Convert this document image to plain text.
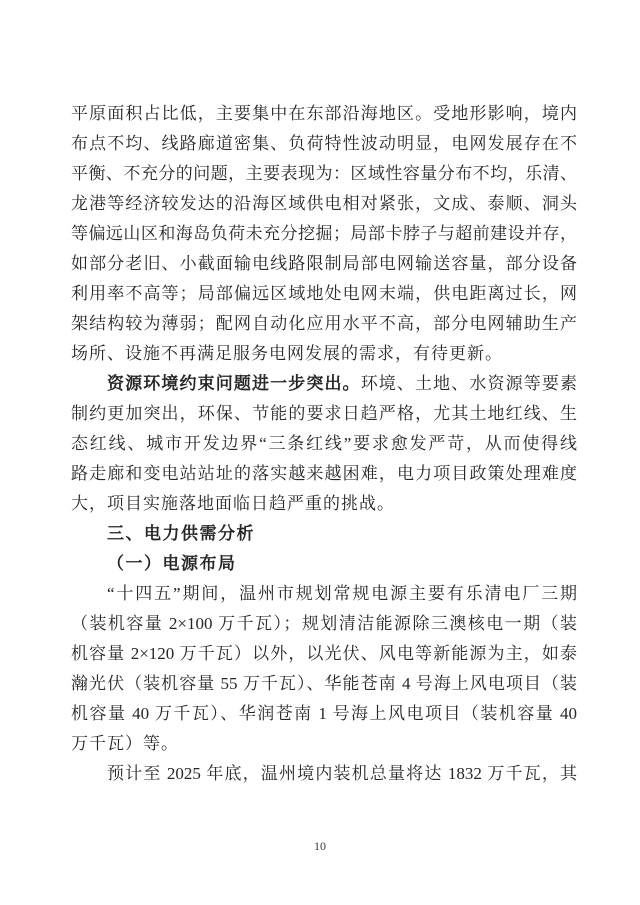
平原面积占比低，主要集中在东部沿海地区。受地形影响，境内
布点不均、线路廊道密集、负荷特性波动明显，电网发展存在不
平衡、不充分的问题，主要表现为：区域性容量分布不均，乐清、
龙港等经济较发达的沿海区域供电相对紧张，文成、泰顺、洞头
等偏远山区和海岛负荷未充分挖掘；局部卡脖子与超前建设并存，
如部分老旧、小截面输电线路限制局部电网输送容量，部分设备
利用率不高等；局部偏远区域地处电网末端，供电距离过长，网
架结构较为薄弱；配网自动化应用水平不高，部分电网辅助生产
场所、设施不再满足服务电网发展的需求，有待更新。
资源环境约束问题进一步突出。环境、土地、水资源等要素
制约更加突出，环保、节能的要求日趋严格，尤其土地红线、生
态红线、城市开发边界“三条红线”要求愈发严苛，从而使得线
路走廊和变电站站址的落实越来越困难，电力项目政策处理难度
大，项目实施落地面临日趋严重的挑战。
三、电力供需分析
（一）电源布局
“十四五”期间，温州市规划常规电源主要有乐清电厂三期
（装机容量 2×100 万千瓦）；规划清洁能源除三澳核电一期（装
机容量 2×120 万千瓦）以外，以光伏、风电等新能源为主，如泰
瀚光伏（装机容量 55 万千瓦）、华能苍南 4 号海上风电项目（装
机容量 40 万千瓦）、华润苍南 1 号海上风电项目（装机容量 40
万千瓦）等。
预计至 2025 年底，温州境内装机总量将达 1832 万千瓦，其
10
